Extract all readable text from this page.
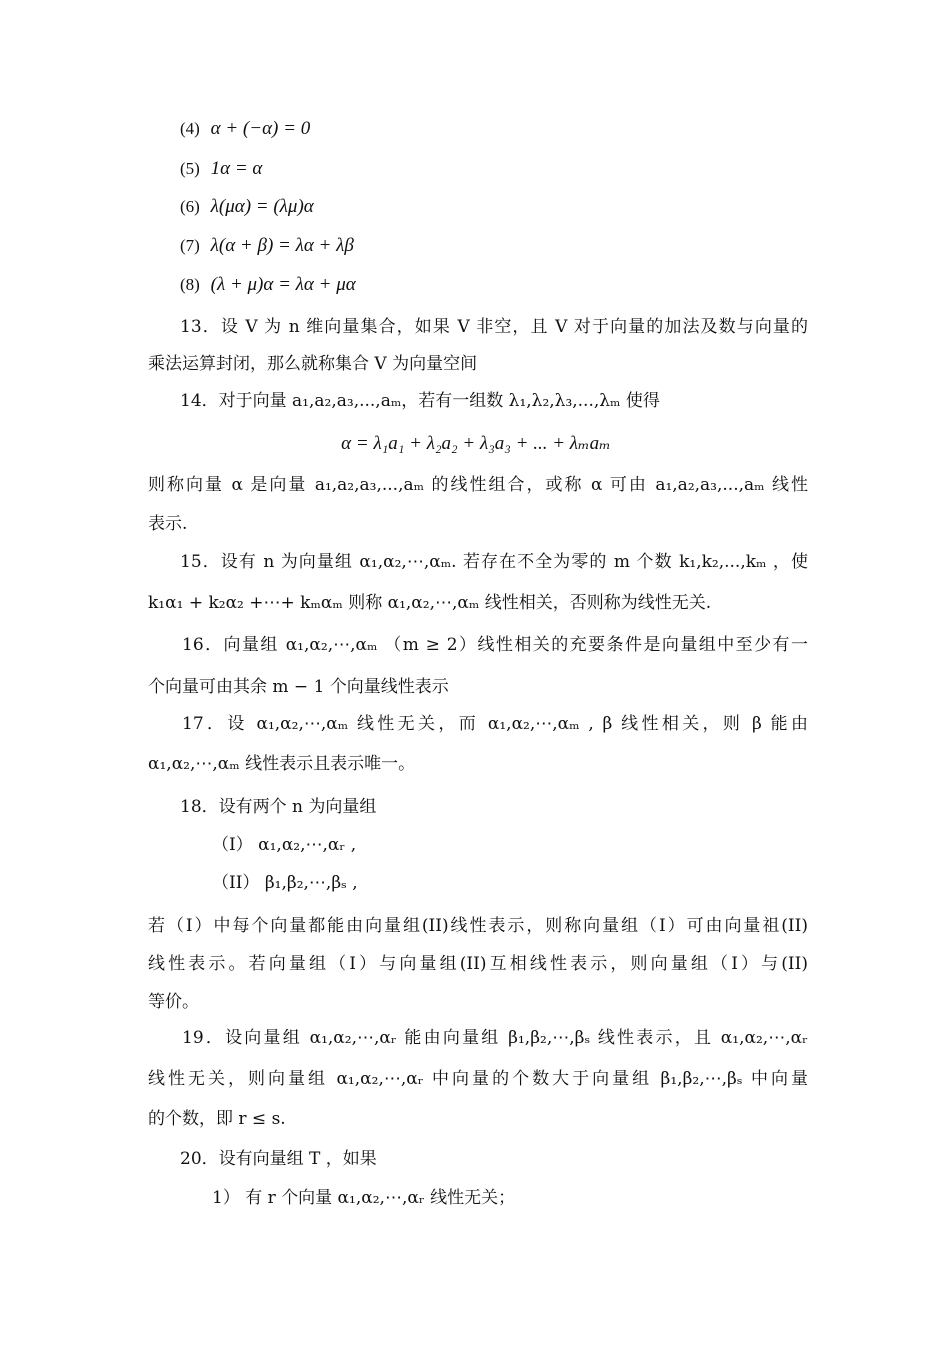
(4) α + (−α) = 0
(5) 1α = α
(6) λ(μα) = (λμ)α
(7) λ(α + β) = λα + λβ
(8) (λ + μ)α = λα + μα
13．设 V 为 n 维向量集合，如果 V 非空，且 V 对于向量的加法及数与向量的
乘法运算封闭，那么就称集合 V 为向量空间
14．对于向量 a₁,a₂,a₃,...,aₘ，若有一组数 λ₁,λ₂,λ₃,...,λₘ 使得
α = λ₁a₁ + λ₂a₂ + λ₃a₃ + ... + λₘaₘ
则称向量 α 是向量 a₁,a₂,a₃,...,aₘ 的线性组合，或称 α 可由 a₁,a₂,a₃,...,aₘ 线性
表示.
15．设有 n 为向量组 α₁,α₂,⋯,αₘ. 若存在不全为零的 m 个数 k₁,k₂,...,kₘ ，使
k₁α₁ + k₂α₂ +⋯+ kₘαₘ 则称 α₁,α₂,⋯,αₘ 线性相关，否则称为线性无关.
16．向量组 α₁,α₂,⋯,αₘ （m ≥ 2）线性相关的充要条件是向量组中至少有一
个向量可由其余 m − 1 个向量线性表示
17．设 α₁,α₂,⋯,αₘ 线性无关，而 α₁,α₂,⋯,αₘ , β 线性相关，则 β 能由
α₁,α₂,⋯,αₘ 线性表示且表示唯一。
18．设有两个 n 为向量组
（I） α₁,α₂,⋯,αᵣ ,
（II） β₁,β₂,⋯,βₛ ,
若（I）中每个向量都能由向量组(II)线性表示，则称向量组（I）可由向量祖(II)
线性表示。若向量组（I）与向量组(II)互相线性表示，则向量组（I）与(II)
等价。
19．设向量组 α₁,α₂,⋯,αᵣ 能由向量组 β₁,β₂,⋯,βₛ 线性表示，且 α₁,α₂,⋯,αᵣ
线性无关，则向量组 α₁,α₂,⋯,αᵣ 中向量的个数大于向量组 β₁,β₂,⋯,βₛ 中向量
的个数，即 r ≤ s.
20．设有向量组 T ，如果
1） 有 r 个向量 α₁,α₂,⋯,αᵣ 线性无关；
